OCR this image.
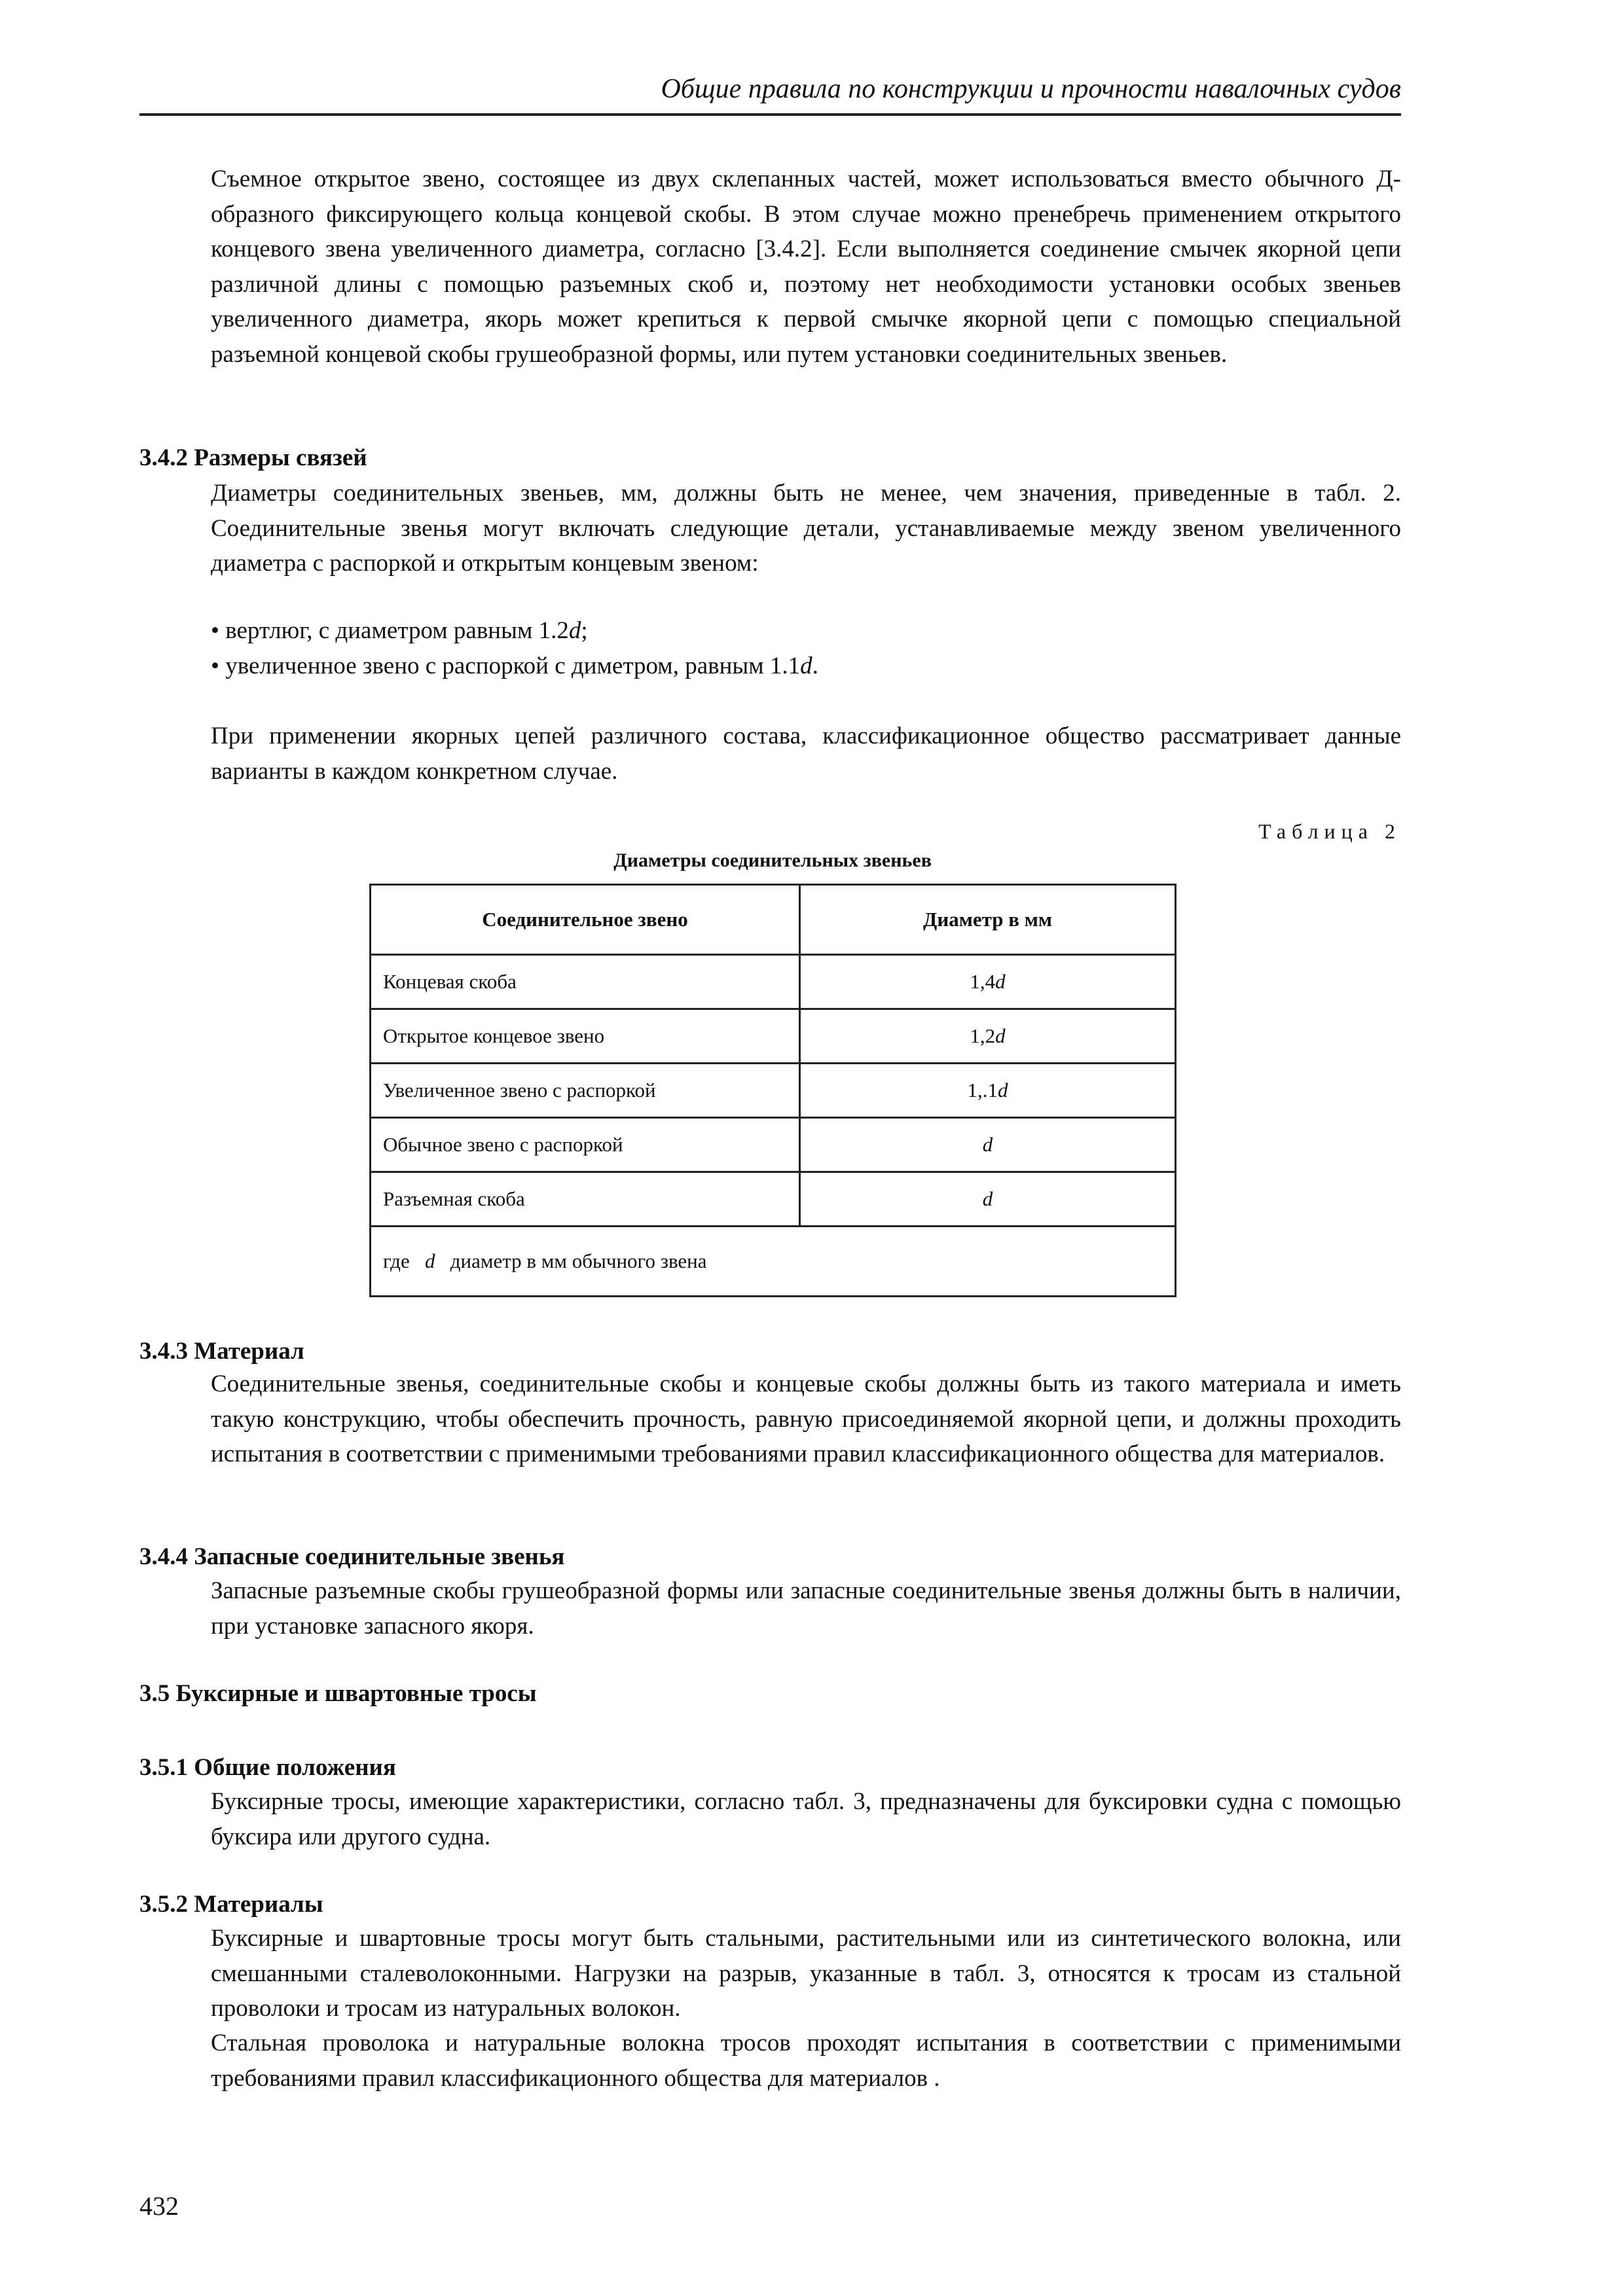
Общие правила по конструкции и прочности навалочных судов

Съемное открытое звено, состоящее из двух склепанных частей, может использоваться вместо обычного Д-образного фиксирующего кольца концевой скобы. В этом случае можно пренебречь применением открытого концевого звена увеличенного диаметра, согласно [3.4.2]. Если выполняется соединение смычек якорной цепи различной длины с помощью разъемных скоб и, поэтому нет необходимости установки особых звеньев увеличенного диаметра, якорь может крепиться к первой смычке якорной цепи с помощью специальной разъемной концевой скобы грушеобразной формы, или путем установки соединительных звеньев.

3.4.2 Размеры связей

Диаметры соединительных звеньев, мм, должны быть не менее, чем значения, приведенные в табл. 2. Соединительные звенья могут включать следующие детали, устанавливаемые между звеном увеличенного диаметра с распоркой и открытым концевым звеном:

• вертлюг, с диаметром равным 1.2d;
• увеличенное звено с распоркой с диметром, равным 1.1d.

При применении якорных цепей различного состава, классификационное общество рассматривает данные варианты в каждом конкретном случае.

Таблица 2
Диаметры соединительных звеньев
Соединительное звено	Диаметр в мм
Концевая скоба	1,4d
Открытое концевое звено	1,2d
Увеличенное звено с распоркой	1,.1d
Обычное звено с распоркой	d
Разъемная скоба	d
где d диаметр в мм обычного звена	
3.4.3 Материал

Соединительные звенья, соединительные скобы и концевые скобы должны быть из такого материала и иметь такую конструкцию, чтобы обеспечить прочность, равную присоединяемой якорной цепи, и должны проходить испытания в соответствии с применимыми требованиями правил классификационного общества для материалов.

3.4.4 Запасные соединительные звенья

Запасные разъемные скобы грушеобразной формы или запасные соединительные звенья должны быть в наличии, при установке запасного якоря.

3.5 Буксирные и швартовные тросы
3.5.1 Общие положения

Буксирные тросы, имеющие характеристики, согласно табл. 3, предназначены для буксировки судна с помощью буксира или другого судна.

3.5.2 Материалы

Буксирные и швартовные тросы могут быть стальными, растительными или из синтетического волокна, или смешанными сталеволоконными. Нагрузки на разрыв, указанные в табл. 3, относятся к тросам из стальной проволоки и тросам из натуральных волокон.

Стальная проволока и натуральные волокна тросов проходят испытания в соответствии с применимыми требованиями правил классификационного общества для материалов .

432
